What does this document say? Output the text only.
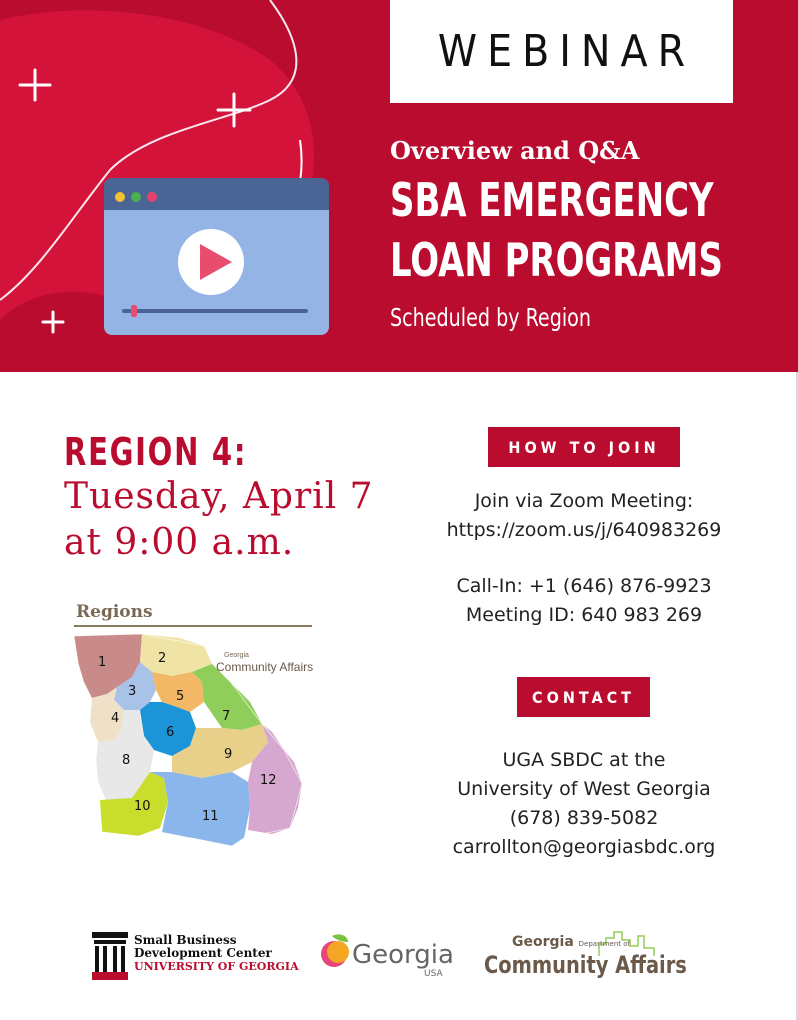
WEBINAR
Overview and Q&A
SBA EMERGENCY
LOAN PROGRAMS
Scheduled by Region
REGION 4:
Tuesday, April 7
at 9:00 a.m.
Regions
1	2
3
4
5
6
7
8	9
10
11
12
Georgia
Community Affairs
HOW TO JOIN
Join via Zoom Meeting:
https://zoom.us/j/640983269
Call-In: +1 (646) 876-9923
Meeting ID: 640 983 269
CONTACT
UGA SBDC at the
University of West Georgia
(678) 839-5082
carrollton@georgiasbdc.org
Small Business
Development Center
UNIVERSITY OF GEORGIA Georgia
USA
Georgia Department of
Community Affairs
